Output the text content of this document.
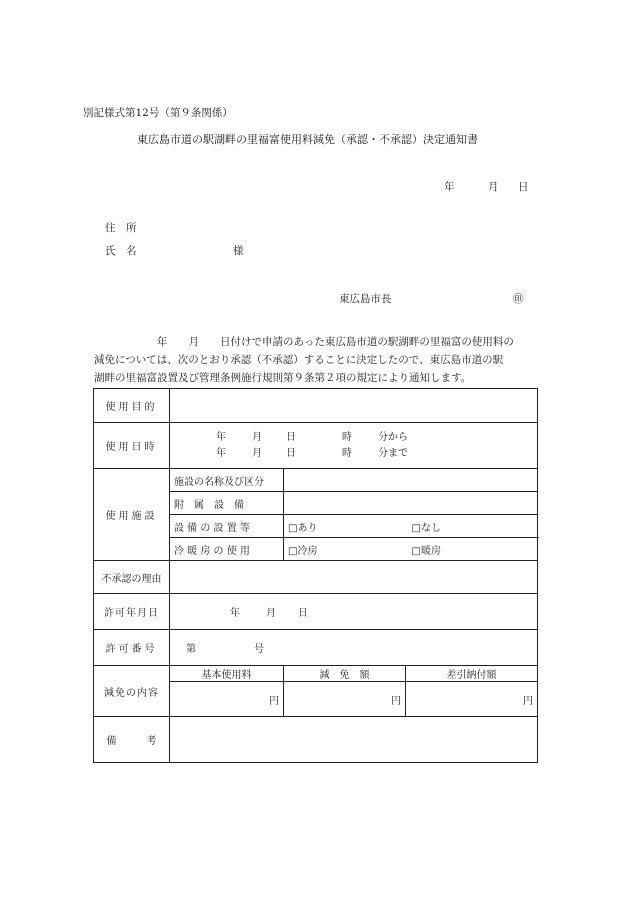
別記様式第12号（第９条関係）
東広島市道の駅湖畔の里福富使用料減免（承認・不承認）決定通知書
年	月 日
住　所
氏　名	様
東広島市長	㊞
　　　　　　年　　月　　日付けで申請のあった東広島市道の駅湖畔の里福富の使用料の
減免については、次のとおり承認（不承認）することに決定したので、東広島市道の駅
湖畔の里福富設置及び管理条例施行規則第９条第２項の規定により通知します。
使用目的				
使用日時	年 月 日 時 分から
年 月 日 時 分まで			

使用施設	施設の名称及び区分			
	附　属　設　備			
	設 備 の 設 置 等	□あり	□なし	
	冷 暖 房 の 使 用	□冷房	□暖房	
不承認の理由				
許可年月日	年 月 日			
許可番号	第 号			
減免の内容	基本使用料	減　免　額	差引納付額	
	円	円	円	
備　　　考				
